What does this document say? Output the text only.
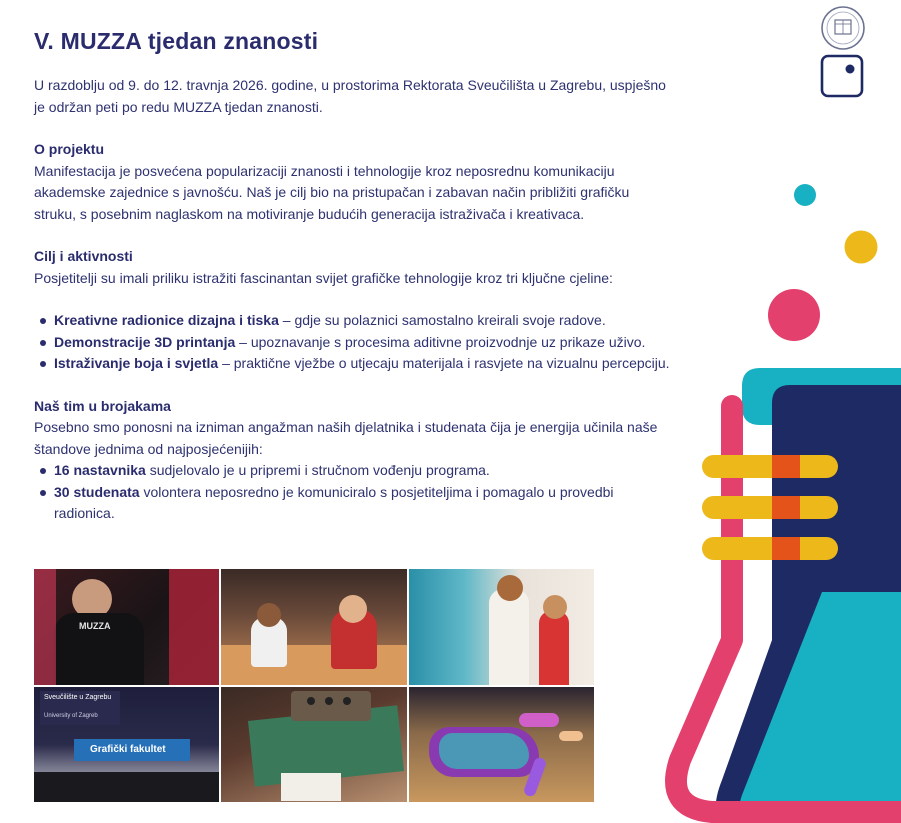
V. MUZZA tjedan znanosti

U razdoblju od 9. do 12. travnja 2026. godine, u prostorima Rektorata Sveučilišta u Zagrebu, uspješno je održan peti po redu MUZZA tjedan znanosti.

O projektu

Manifestacija je posvećena popularizaciji znanosti i tehnologije kroz neposrednu komunikaciju akademske zajednice s javnošću. Naš je cilj bio na pristupačan i zabavan način približiti grafičku struku, s posebnim naglaskom na motiviranje budućih generacija istraživača i kreativaca.

Cilj i aktivnosti

Posjetitelji su imali priliku istražiti fascinantan svijet grafičke tehnologije kroz tri ključne cjeline:

Kreativne radionice dizajna i tiska – gdje su polaznici samostalno kreirali svoje radove.
Demonstracije 3D printanja – upoznavanje s procesima aditivne proizvodnje uz prikaze uživo.
Istraživanje boja i svjetla – praktične vježbe o utjecaju materijala i rasvjete na vizualnu percepciju.
Naš tim u brojakama

Posebno smo ponosni na izniman angažman naših djelatnika i studenata čija je energija učinila naše štandove jednima od najposjećenijih:

16 nastavnika sudjelovalo je u pripremi i stručnom vođenju programa.
30 studenata volontera neposredno je komuniciralo s posjetiteljima i pomagalo u provedbi radionica.
MUZZA
Sveučilište u Zagrebu
University of Zagreb
Grafički fakultet
